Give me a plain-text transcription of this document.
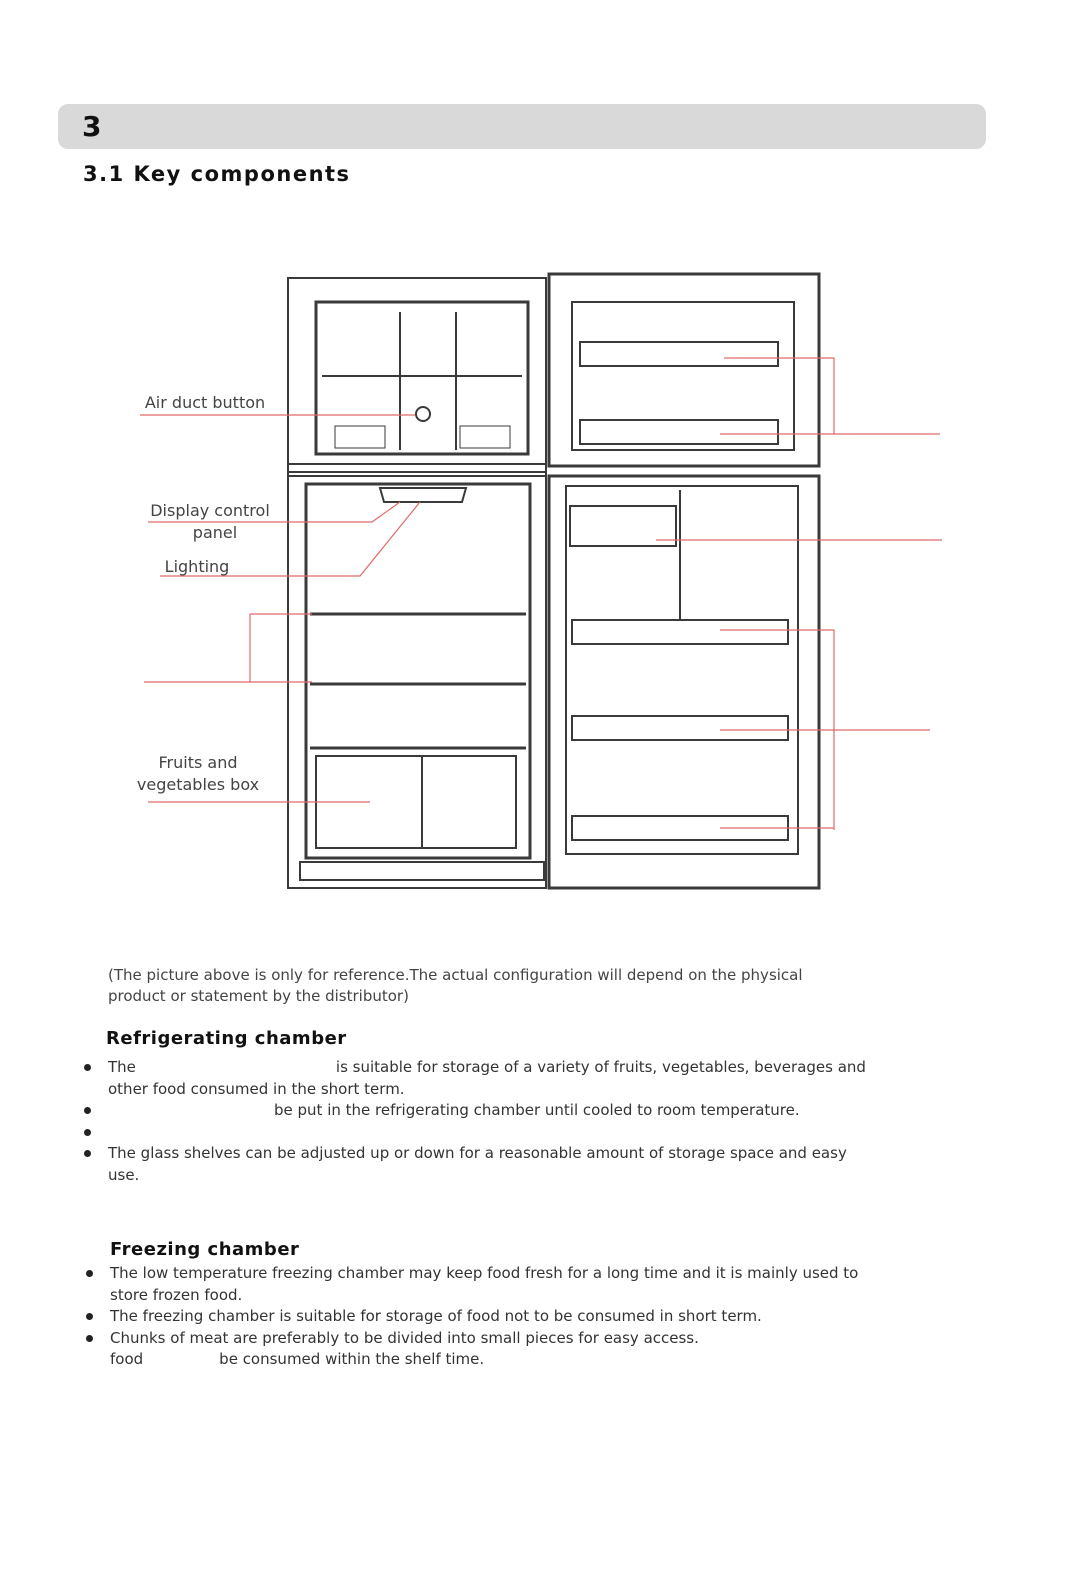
3
3.1 Key components
Air duct button
Display control
panel
Lighting
Fruits and
vegetables box
(The picture above is only for reference.The actual configuration will depend on the physical
product or statement by the distributor)
Refrigerating chamber
The	is suitable for storage of a variety of fruits, vegetables, beverages and
other food consumed in the short term.
be put in the refrigerating chamber until cooled to room temperature.

The glass shelves can be adjusted up or down for a reasonable amount of storage space and easy
use.
Freezing chamber
The low temperature freezing chamber may keep food fresh for a long time and it is mainly used to
store frozen food.
The freezing chamber is suitable for storage of food not to be consumed in short term.
Chunks of meat are preferably to be divided into small pieces for easy access.
food	be consumed within the shelf time.
